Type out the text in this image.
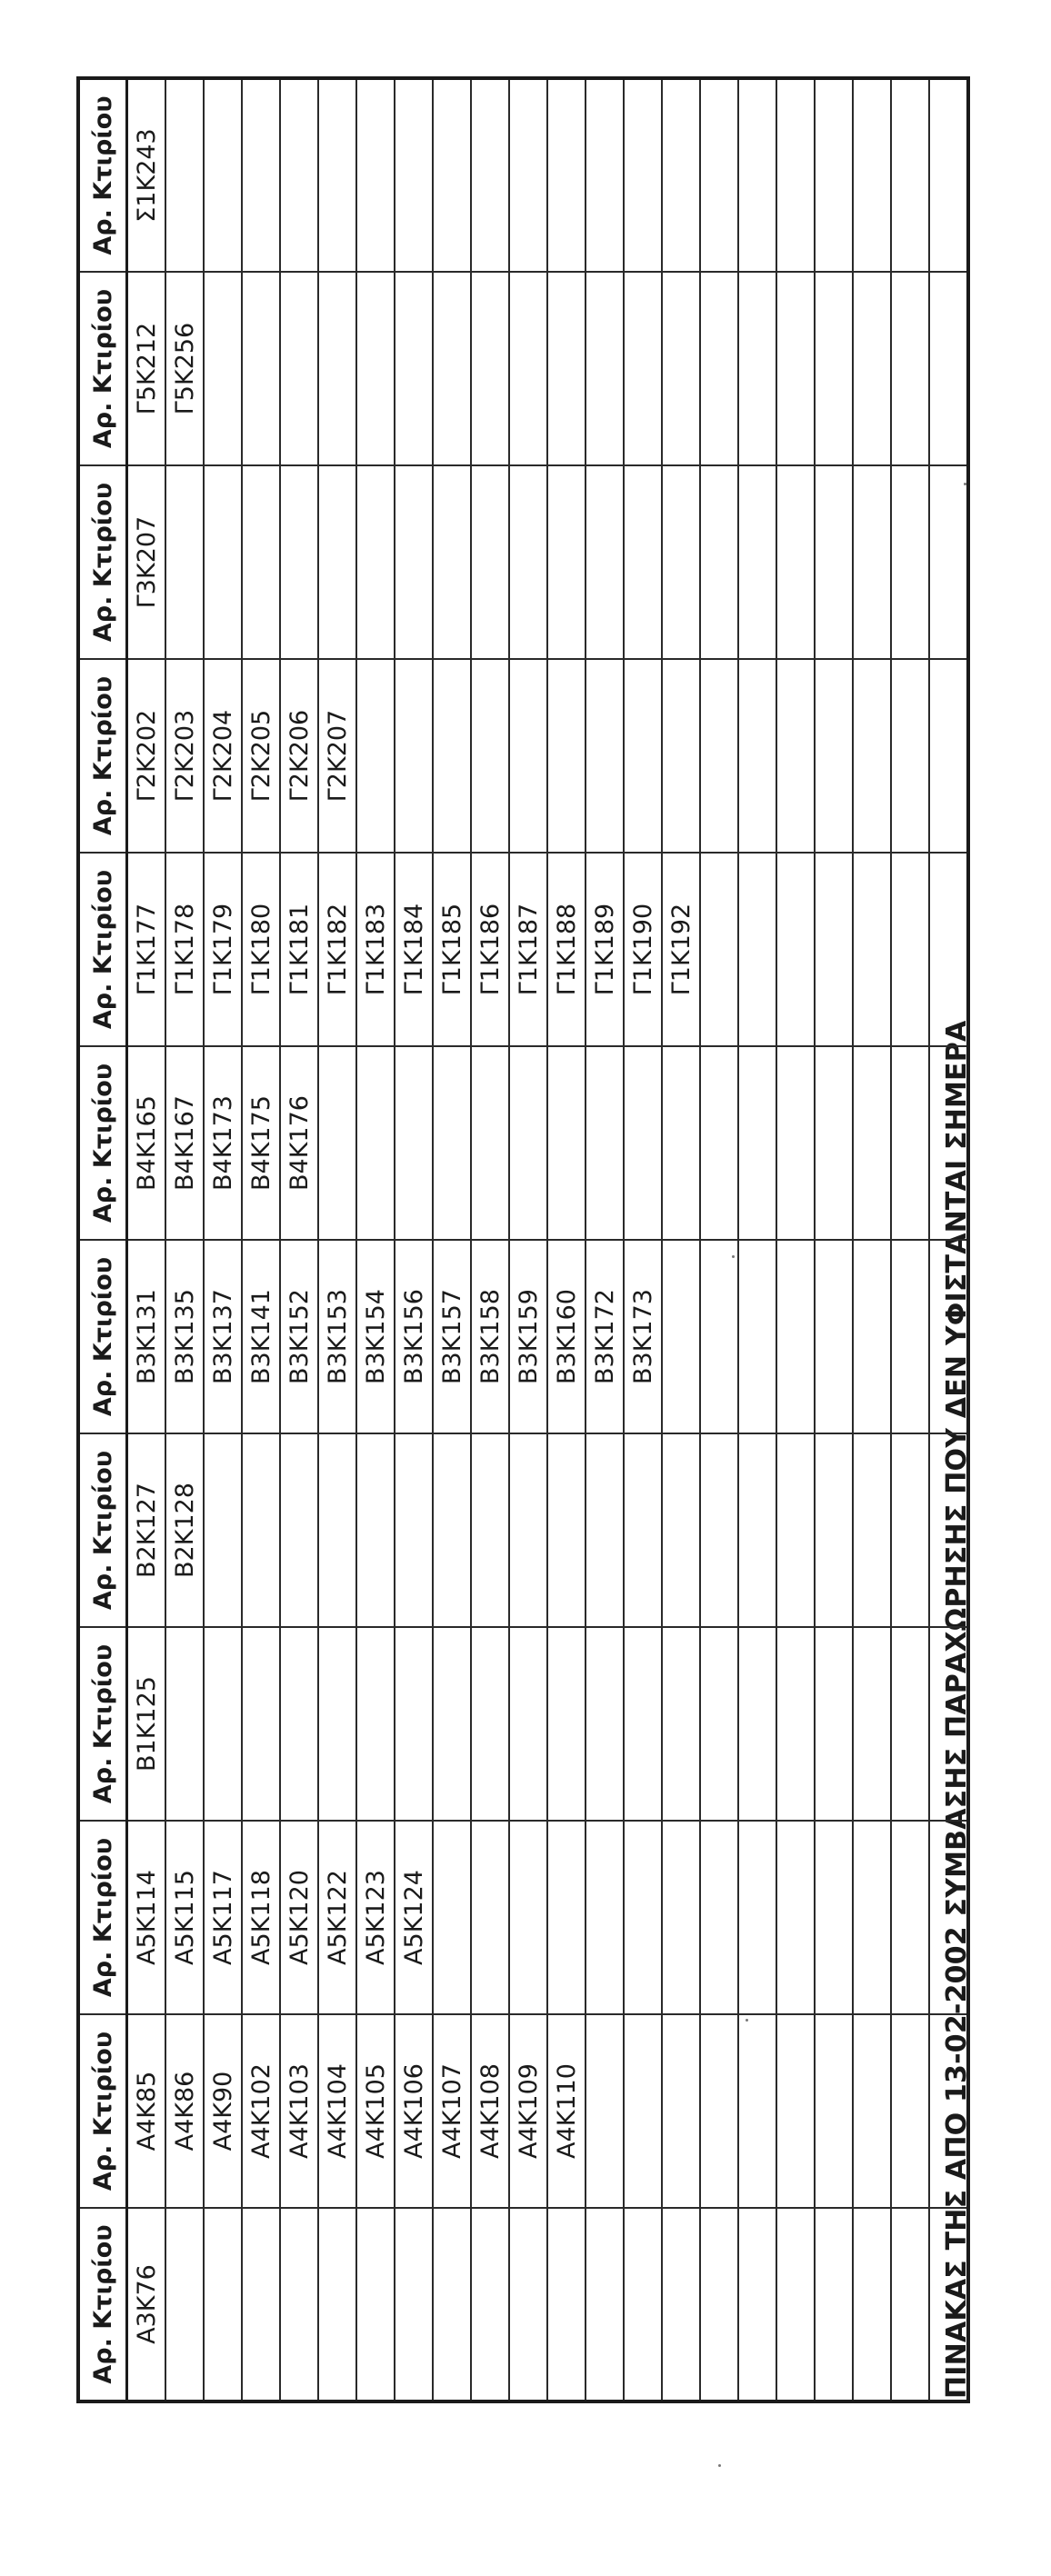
ΠΙΝΑΚΑΣ ΤΗΣ ΑΠΟ 13-02-2002 ΣΥΜΒΑΣΗΣ ΠΑΡΑΧΩΡΗΣΗΣ ΠΟΥ ΔΕΝ ΥΦΙΣΤΑΝΤΑΙ ΣΗΜΕΡΑ
Αρ. Κτιρίου	Αρ. Κτιρίου	Αρ. Κτιρίου	Αρ. Κτιρίου	Αρ. Κτιρίου	Αρ. Κτιρίου	Αρ. Κτιρίου	Αρ. Κτιρίου	Αρ. Κτιρίου	Αρ. Κτιρίου	Αρ. Κτιρίου	Αρ. Κτιρίου
Α3Κ76	Α4Κ85	Α5Κ114	Β1Κ125	Β2Κ127	Β3Κ131	Β4Κ165	Γ1Κ177	Γ2Κ202	Γ3Κ207	Γ5Κ212	Σ1Κ243
	Α4Κ86	Α5Κ115		Β2Κ128	Β3Κ135	Β4Κ167	Γ1Κ178	Γ2Κ203		Γ5Κ256	
	Α4Κ90	Α5Κ117			Β3Κ137	Β4Κ173	Γ1Κ179	Γ2Κ204			
	Α4Κ102	Α5Κ118			Β3Κ141	Β4Κ175	Γ1Κ180	Γ2Κ205			
	Α4Κ103	Α5Κ120			Β3Κ152	Β4Κ176	Γ1Κ181	Γ2Κ206			
	Α4Κ104	Α5Κ122			Β3Κ153		Γ1Κ182	Γ2Κ207			
	Α4Κ105	Α5Κ123			Β3Κ154		Γ1Κ183				
	Α4Κ106	Α5Κ124			Β3Κ156		Γ1Κ184				
	Α4Κ107				Β3Κ157		Γ1Κ185				
	Α4Κ108				Β3Κ158		Γ1Κ186				
	Α4Κ109				Β3Κ159		Γ1Κ187				
	Α4Κ110				Β3Κ160		Γ1Κ188				
					Β3Κ172		Γ1Κ189				
					Β3Κ173		Γ1Κ190				
							Γ1Κ192				
